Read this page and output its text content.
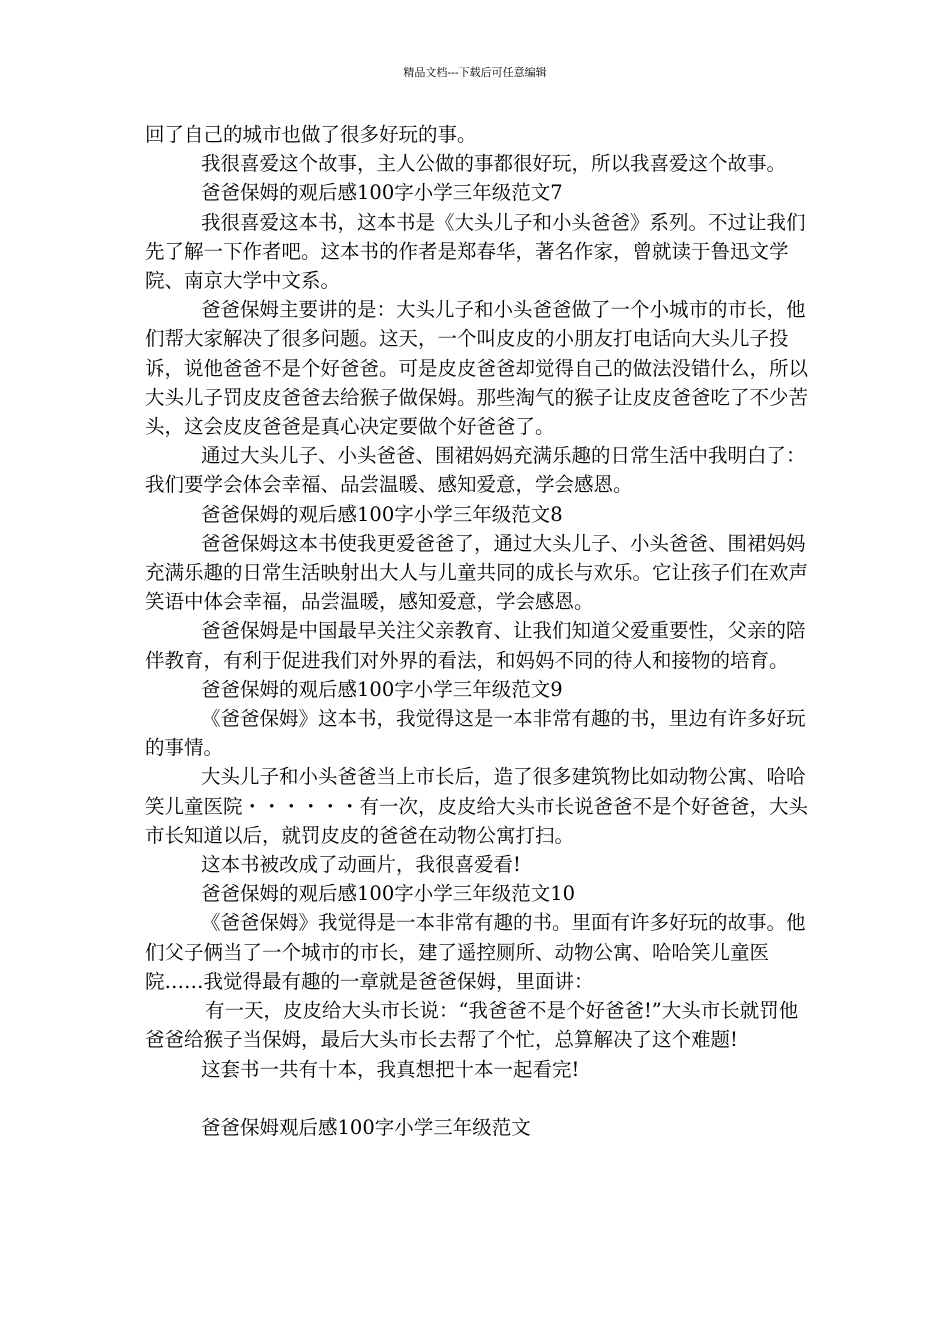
精品文档---下载后可任意编辑

回了自己的城市也做了很多好玩的事。

我很喜爱这个故事，主人公做的事都很好玩，所以我喜爱这个故事。

爸爸保姆的观后感100字小学三年级范文7

我很喜爱这本书，这本书是《大头儿子和小头爸爸》系列。不过让我们先了解一下作者吧。这本书的作者是郑春华，著名作家，曾就读于鲁迅文学院、南京大学中文系。

爸爸保姆主要讲的是：大头儿子和小头爸爸做了一个小城市的市长，他们帮大家解决了很多问题。这天，一个叫皮皮的小朋友打电话向大头儿子投诉，说他爸爸不是个好爸爸。可是皮皮爸爸却觉得自己的做法没错什么，所以大头儿子罚皮皮爸爸去给猴子做保姆。那些淘气的猴子让皮皮爸爸吃了不少苦头，这会皮皮爸爸是真心决定要做个好爸爸了。

通过大头儿子、小头爸爸、围裙妈妈充满乐趣的日常生活中我明白了：我们要学会体会幸福、品尝温暖、感知爱意，学会感恩。

爸爸保姆的观后感100字小学三年级范文8

爸爸保姆这本书使我更爱爸爸了，通过大头儿子、小头爸爸、围裙妈妈充满乐趣的日常生活映射出大人与儿童共同的成长与欢乐。它让孩子们在欢声笑语中体会幸福，品尝温暖，感知爱意，学会感恩。

爸爸保姆是中国最早关注父亲教育、让我们知道父爱重要性，父亲的陪伴教育，有利于促进我们对外界的看法，和妈妈不同的待人和接物的培育。

爸爸保姆的观后感100字小学三年级范文9

《爸爸保姆》这本书，我觉得这是一本非常有趣的书，里边有许多好玩的事情。

大头儿子和小头爸爸当上市长后，造了很多建筑物比如动物公寓、哈哈笑儿童医院・・・・・・有一次，皮皮给大头市长说爸爸不是个好爸爸，大头市长知道以后，就罚皮皮的爸爸在动物公寓打扫。

这本书被改成了动画片，我很喜爱看!

爸爸保姆的观后感100字小学三年级范文10

《爸爸保姆》我觉得是一本非常有趣的书。里面有许多好玩的故事。他们父子俩当了一个城市的市长，建了遥控厕所、动物公寓、哈哈笑儿童医院……我觉得最有趣的一章就是爸爸保姆，里面讲：

有一天，皮皮给大头市长说：“我爸爸不是个好爸爸!”大头市长就罚他爸爸给猴子当保姆，最后大头市长去帮了个忙，总算解决了这个难题!

这套书一共有十本，我真想把十本一起看完!

爸爸保姆观后感100字小学三年级范文
